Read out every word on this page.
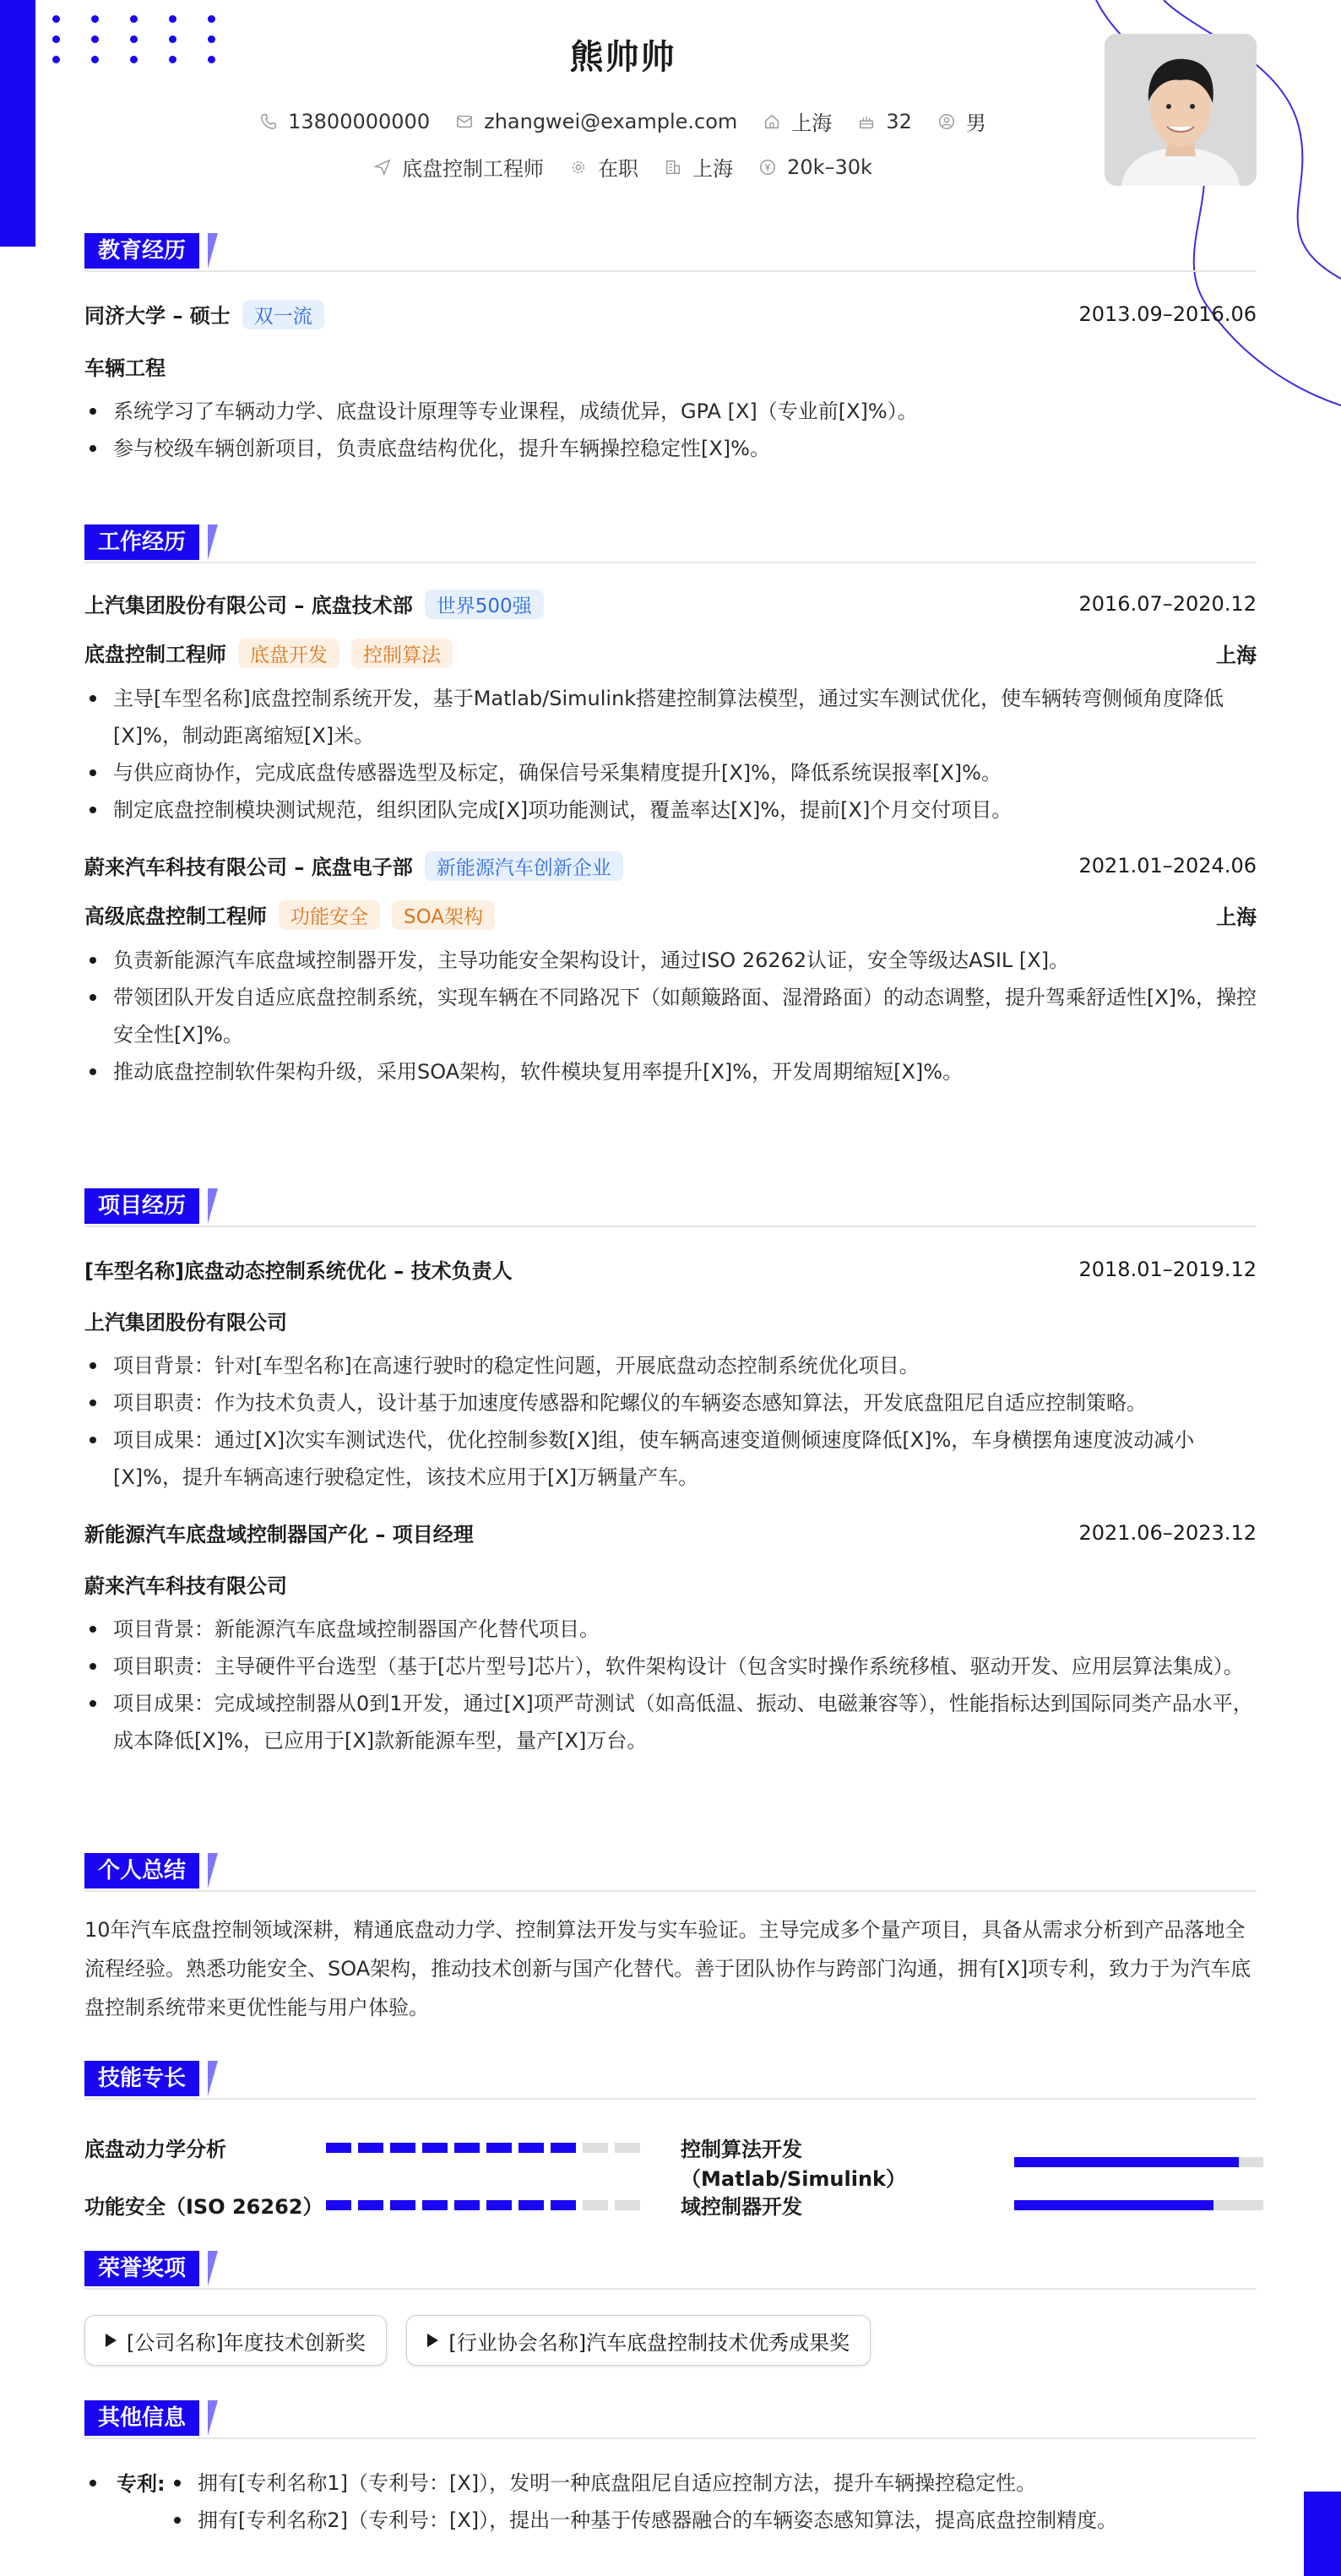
熊帅帅
13800000000	zhangwei@example.com	上海	32	男
底盘控制工程师	在职	上海	20k–30k
教育经历
同济大学 – 硕士 双一流	2013.09–2016.06
车辆工程
系统学习了车辆动力学、底盘设计原理等专业课程，成绩优异，GPA [X]（专业前[X]%）。
参与校级车辆创新项目，负责底盘结构优化，提升车辆操控稳定性[X]%。
工作经历
上汽集团股份有限公司 – 底盘技术部 世界500强	2016.07–2020.12
底盘控制工程师 底盘开发 控制算法	上海
主导[车型名称]底盘控制系统开发，基于Matlab/Simulink搭建控制算法模型，通过实车测试优化，使车辆转弯侧倾角度降低[X]%，制动距离缩短[X]米。
与供应商协作，完成底盘传感器选型及标定，确保信号采集精度提升[X]%，降低系统误报率[X]%。
制定底盘控制模块测试规范，组织团队完成[X]项功能测试，覆盖率达[X]%，提前[X]个月交付项目。
蔚来汽车科技有限公司 – 底盘电子部 新能源汽车创新企业	2021.01–2024.06
高级底盘控制工程师 功能安全 SOA架构	上海
负责新能源汽车底盘域控制器开发，主导功能安全架构设计，通过ISO 26262认证，安全等级达ASIL [X]。
带领团队开发自适应底盘控制系统，实现车辆在不同路况下（如颠簸路面、湿滑路面）的动态调整，提升驾乘舒适性[X]%，操控安全性[X]%。
推动底盘控制软件架构升级，采用SOA架构，软件模块复用率提升[X]%，开发周期缩短[X]%。
项目经历
[车型名称]底盘动态控制系统优化 – 技术负责人	2018.01–2019.12
上汽集团股份有限公司
项目背景：针对[车型名称]在高速行驶时的稳定性问题，开展底盘动态控制系统优化项目。
项目职责：作为技术负责人，设计基于加速度传感器和陀螺仪的车辆姿态感知算法，开发底盘阻尼自适应控制策略。
项目成果：通过[X]次实车测试迭代，优化控制参数[X]组，使车辆高速变道侧倾速度降低[X]%，车身横摆角速度波动减小[X]%，提升车辆高速行驶稳定性，该技术应用于[X]万辆量产车。
新能源汽车底盘域控制器国产化 – 项目经理	2021.06–2023.12
蔚来汽车科技有限公司
项目背景：新能源汽车底盘域控制器国产化替代项目。
项目职责：主导硬件平台选型（基于[芯片型号]芯片），软件架构设计（包含实时操作系统移植、驱动开发、应用层算法集成）。
项目成果：完成域控制器从0到1开发，通过[X]项严苛测试（如高低温、振动、电磁兼容等），性能指标达到国际同类产品水平，成本降低[X]%，已应用于[X]款新能源车型，量产[X]万台。
个人总结
10年汽车底盘控制领域深耕，精通底盘动力学、控制算法开发与实车验证。主导完成多个量产项目，具备从需求分析到产品落地全流程经验。熟悉功能安全、SOA架构，推动技术创新与国产化替代。善于团队协作与跨部门沟通，拥有[X]项专利，致力于为汽车底盘控制系统带来更优性能与用户体验。
技能专长
底盘动力学分析	控制算法开发（Matlab/Simulink）
功能安全（ISO 26262）	域控制器开发
荣誉奖项
[公司名称]年度技术创新奖
	[行业协会名称]汽车底盘控制技术优秀成果奖
其他信息
专利:	拥有[专利名称1]（专利号：[X]），发明一种底盘阻尼自适应控制方法，提升车辆操控稳定性。
拥有[专利名称2]（专利号：[X]），提出一种基于传感器融合的车辆姿态感知算法，提高底盘控制精度。
